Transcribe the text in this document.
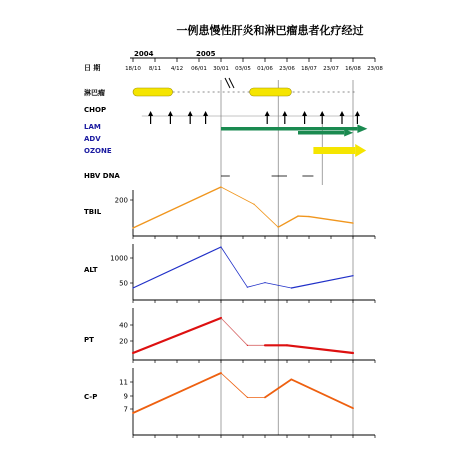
一例患慢性肝炎和淋巴瘤患者化疗经过
2004	2005
日 期	18/10 8/11 4/12 06/01 30/01 03/05 01/06 23/06 18/07 23/07 16/08 23/08
淋巴瘤
CHOP
LAM
ADV
OZONE
HBV DNA
TBIL
200
ALT
1000
50
PT
40
20
C-P
11
9
7
